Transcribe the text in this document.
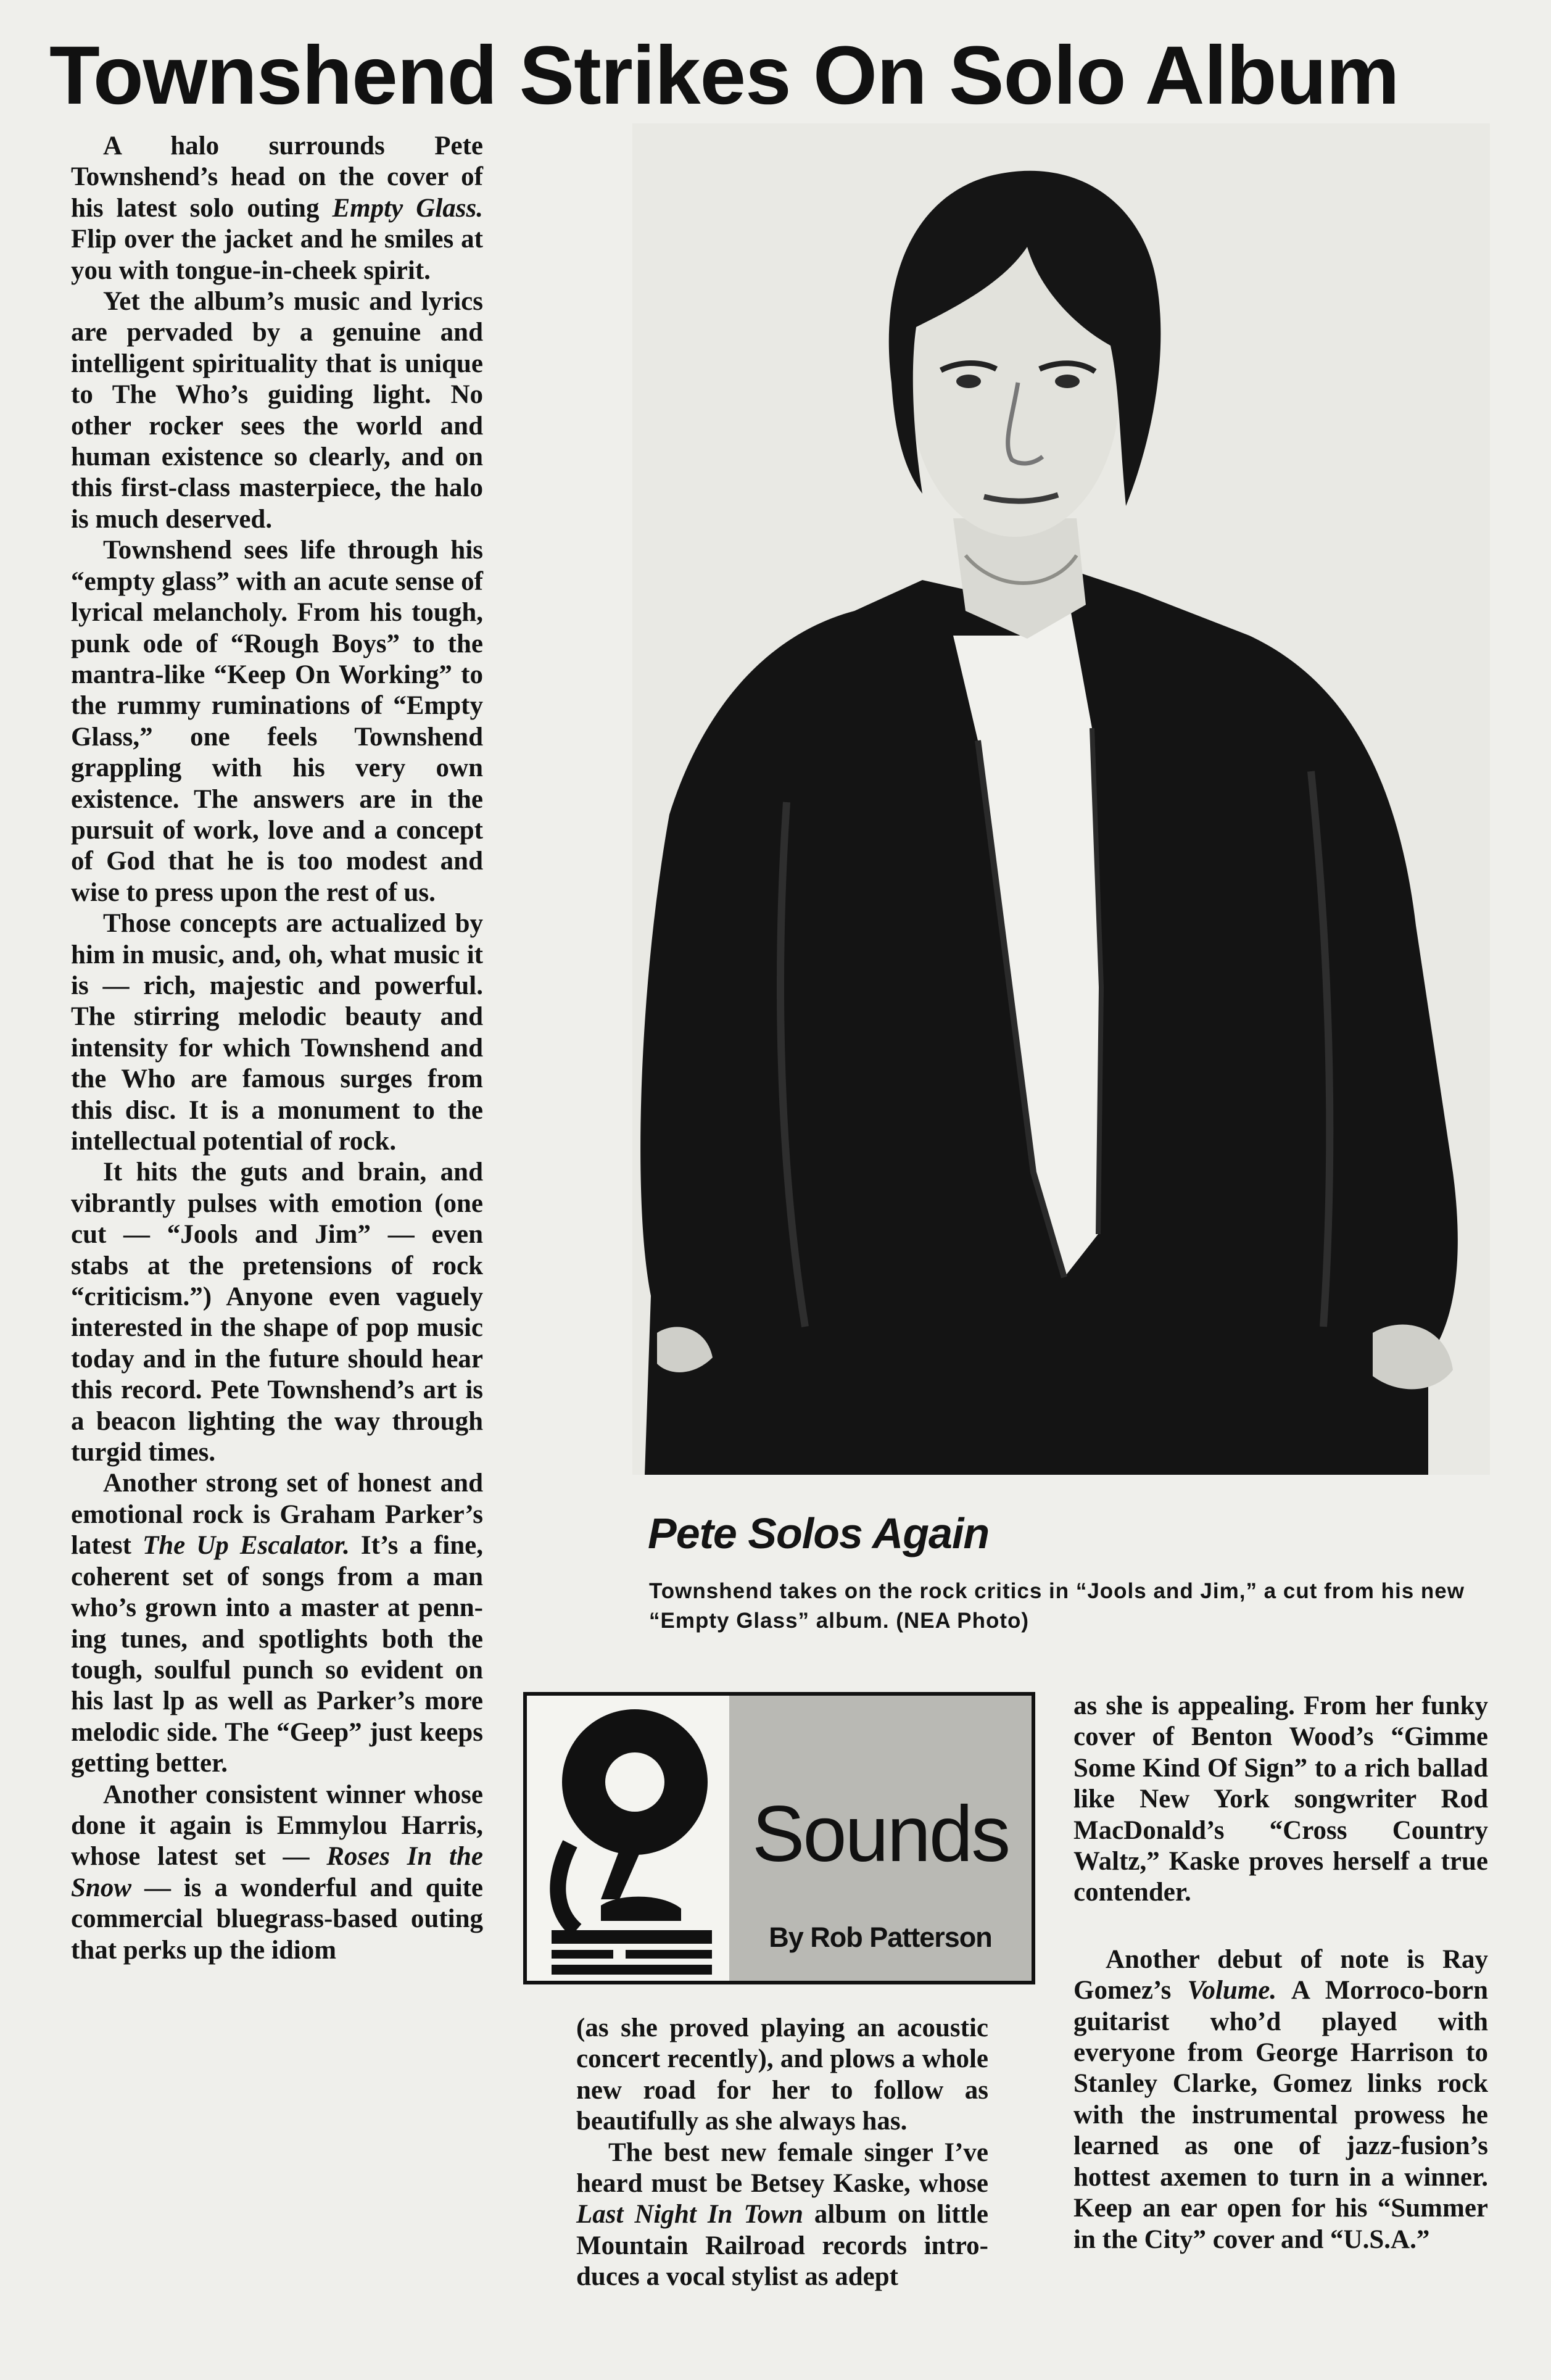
Townshend Strikes On Solo Album

A halo surrounds Pete Townshend’s head on the cover of his latest solo outing Empty Glass. Flip over the jacket and he smiles at you with tongue-in-cheek spirit.

Yet the album’s music and lyrics are pervaded by a genuine and intelligent spirituality that is unique to The Who’s guiding light. No other rocker sees the world and human existence so clearly, and on this first-class masterpiece, the halo is much deserved.

Townshend sees life through his “empty glass” with an acute sense of lyrical melancholy. From his tough, punk ode of “Rough Boys” to the mantra-like “Keep On Working” to the rummy ruminations of “Empty Glass,” one feels Townshend grappling with his very own existence. The answers are in the pursuit of work, love and a concept of God that he is too modest and wise to press upon the rest of us.

Those concepts are actualized by him in music, and, oh, what music it is — rich, majestic and powerful. The stirring melodic beauty and intensity for which Townshend and the Who are famous surges from this disc. It is a monument to the intellectual potential of rock.

It hits the guts and brain, and vibrantly pulses with emotion (one cut — “Jools and Jim” — even stabs at the pretensions of rock “criticism.”) Anyone even vaguely interested in the shape of pop music today and in the future should hear this record. Pete Townshend’s art is a beacon lighting the way through turgid times.

Another strong set of honest and emotional rock is Graham Parker’s latest The Up Escalator. It’s a fine, coherent set of songs from a man who’s grown into a master at penning tunes, and spotlights both the tough, soulful punch so evident on his last lp as well as Parker’s more melodic side. The “Geep” just keeps getting better.

Another consistent winner whose done it again is Emmylou Harris, whose latest set — Roses In the Snow — is a wonderful and quite commercial bluegrass-based outing that perks up the idiom

Pete Solos Again

Townshend takes on the rock critics in “Jools and Jim,” a cut from his new “Empty Glass” album. (NEA Photo)

Sounds
By Rob Patterson

(as she proved playing an acoustic concert recently), and plows a whole new road for her to follow as beautifully as she always has.

The best new female singer I’ve heard must be Betsey Kaske, whose Last Night In Town album on little Mountain Railroad records introduces a vocal stylist as adept

as she is appealing. From her funky cover of Benton Wood’s “Gimme Some Kind Of Sign” to a rich ballad like New York songwriter Rod MacDonald’s “Cross Country Waltz,” Kaske proves herself a true contender.

Another debut of note is Ray Gomez’s Volume. A Morroco-born guitarist who’d played with everyone from George Harrison to Stanley Clarke, Gomez links rock with the instrumental prowess he learned as one of jazz-fusion’s hottest axemen to turn in a winner. Keep an ear open for his “Summer in the City” cover and “U.S.A.”
